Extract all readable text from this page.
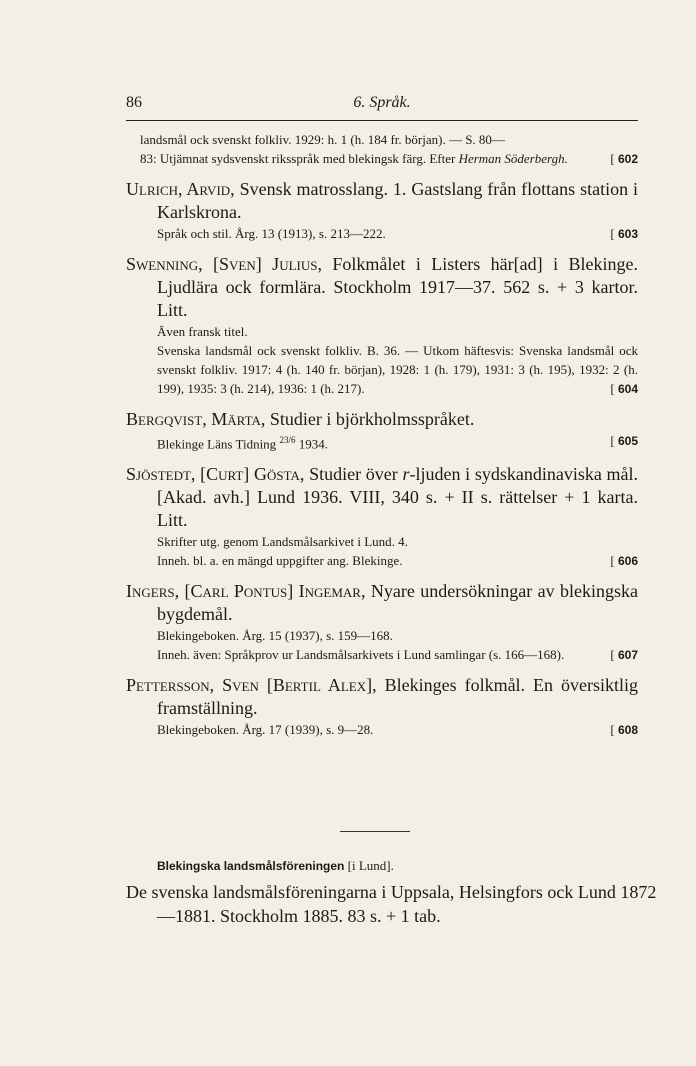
86	6. Språk.
landsmål ock svenskt folkliv. 1929: h. 1 (h. 184 fr. början). — S. 80—
83: Utjämnat sydsvenskt riksspråk med blekingsk färg. Efter Herman Söderbergh.	[ 602
Ulrich, Arvid, Svensk matrosslang. 1. Gastslang från flottans station i Karlskrona.
Språk och stil. Årg. 13 (1913), s. 213—222.	[ 603
Swenning, [Sven] Julius, Folkmålet i Listers här[ad] i Blekinge. Ljudlära ock formlära. Stockholm 1917—37. 562 s. + 3 kartor. Litt.
Även fransk titel.
Svenska landsmål ock svenskt folkliv. B. 36. — Utkom häftesvis: Svenska landsmål ock svenskt folkliv. 1917: 4 (h. 140 fr. början), 1928: 1 (h. 179), 1931: 3 (h. 195), 1932: 2 (h. 199), 1935: 3 (h. 214), 1936: 1 (h. 217).	[ 604
Bergqvist, Märta, Studier i björkholmsspråket.
Blekinge Läns Tidning $^{23/6}$ 1934.	[ 605
Sjöstedt, [Curt] Gösta, Studier över r-ljuden i sydskandinaviska mål. [Akad. avh.] Lund 1936. VIII, 340 s. + II s. rättelser + 1 karta. Litt.
Skrifter utg. genom Landsmålsarkivet i Lund. 4.
Inneh. bl. a. en mängd uppgifter ang. Blekinge.	[ 606
Ingers, [Carl Pontus] Ingemar, Nyare undersökningar av blekingska bygdemål.
Blekingeboken. Årg. 15 (1937), s. 159—168.
Inneh. även: Språkprov ur Landsmålsarkivets i Lund samlingar (s. 166—168).	[ 607
Pettersson, Sven [Bertil Alex], Blekinges folkmål. En översiktlig framställning.
Blekingeboken. Årg. 17 (1939), s. 9—28.	[ 608
Blekingska landsmålsföreningen [i Lund].
De svenska landsmålsföreningarna i Uppsala, Helsingfors ock Lund 1872—1881. Stockholm 1885. 83 s. + 1 tab.
